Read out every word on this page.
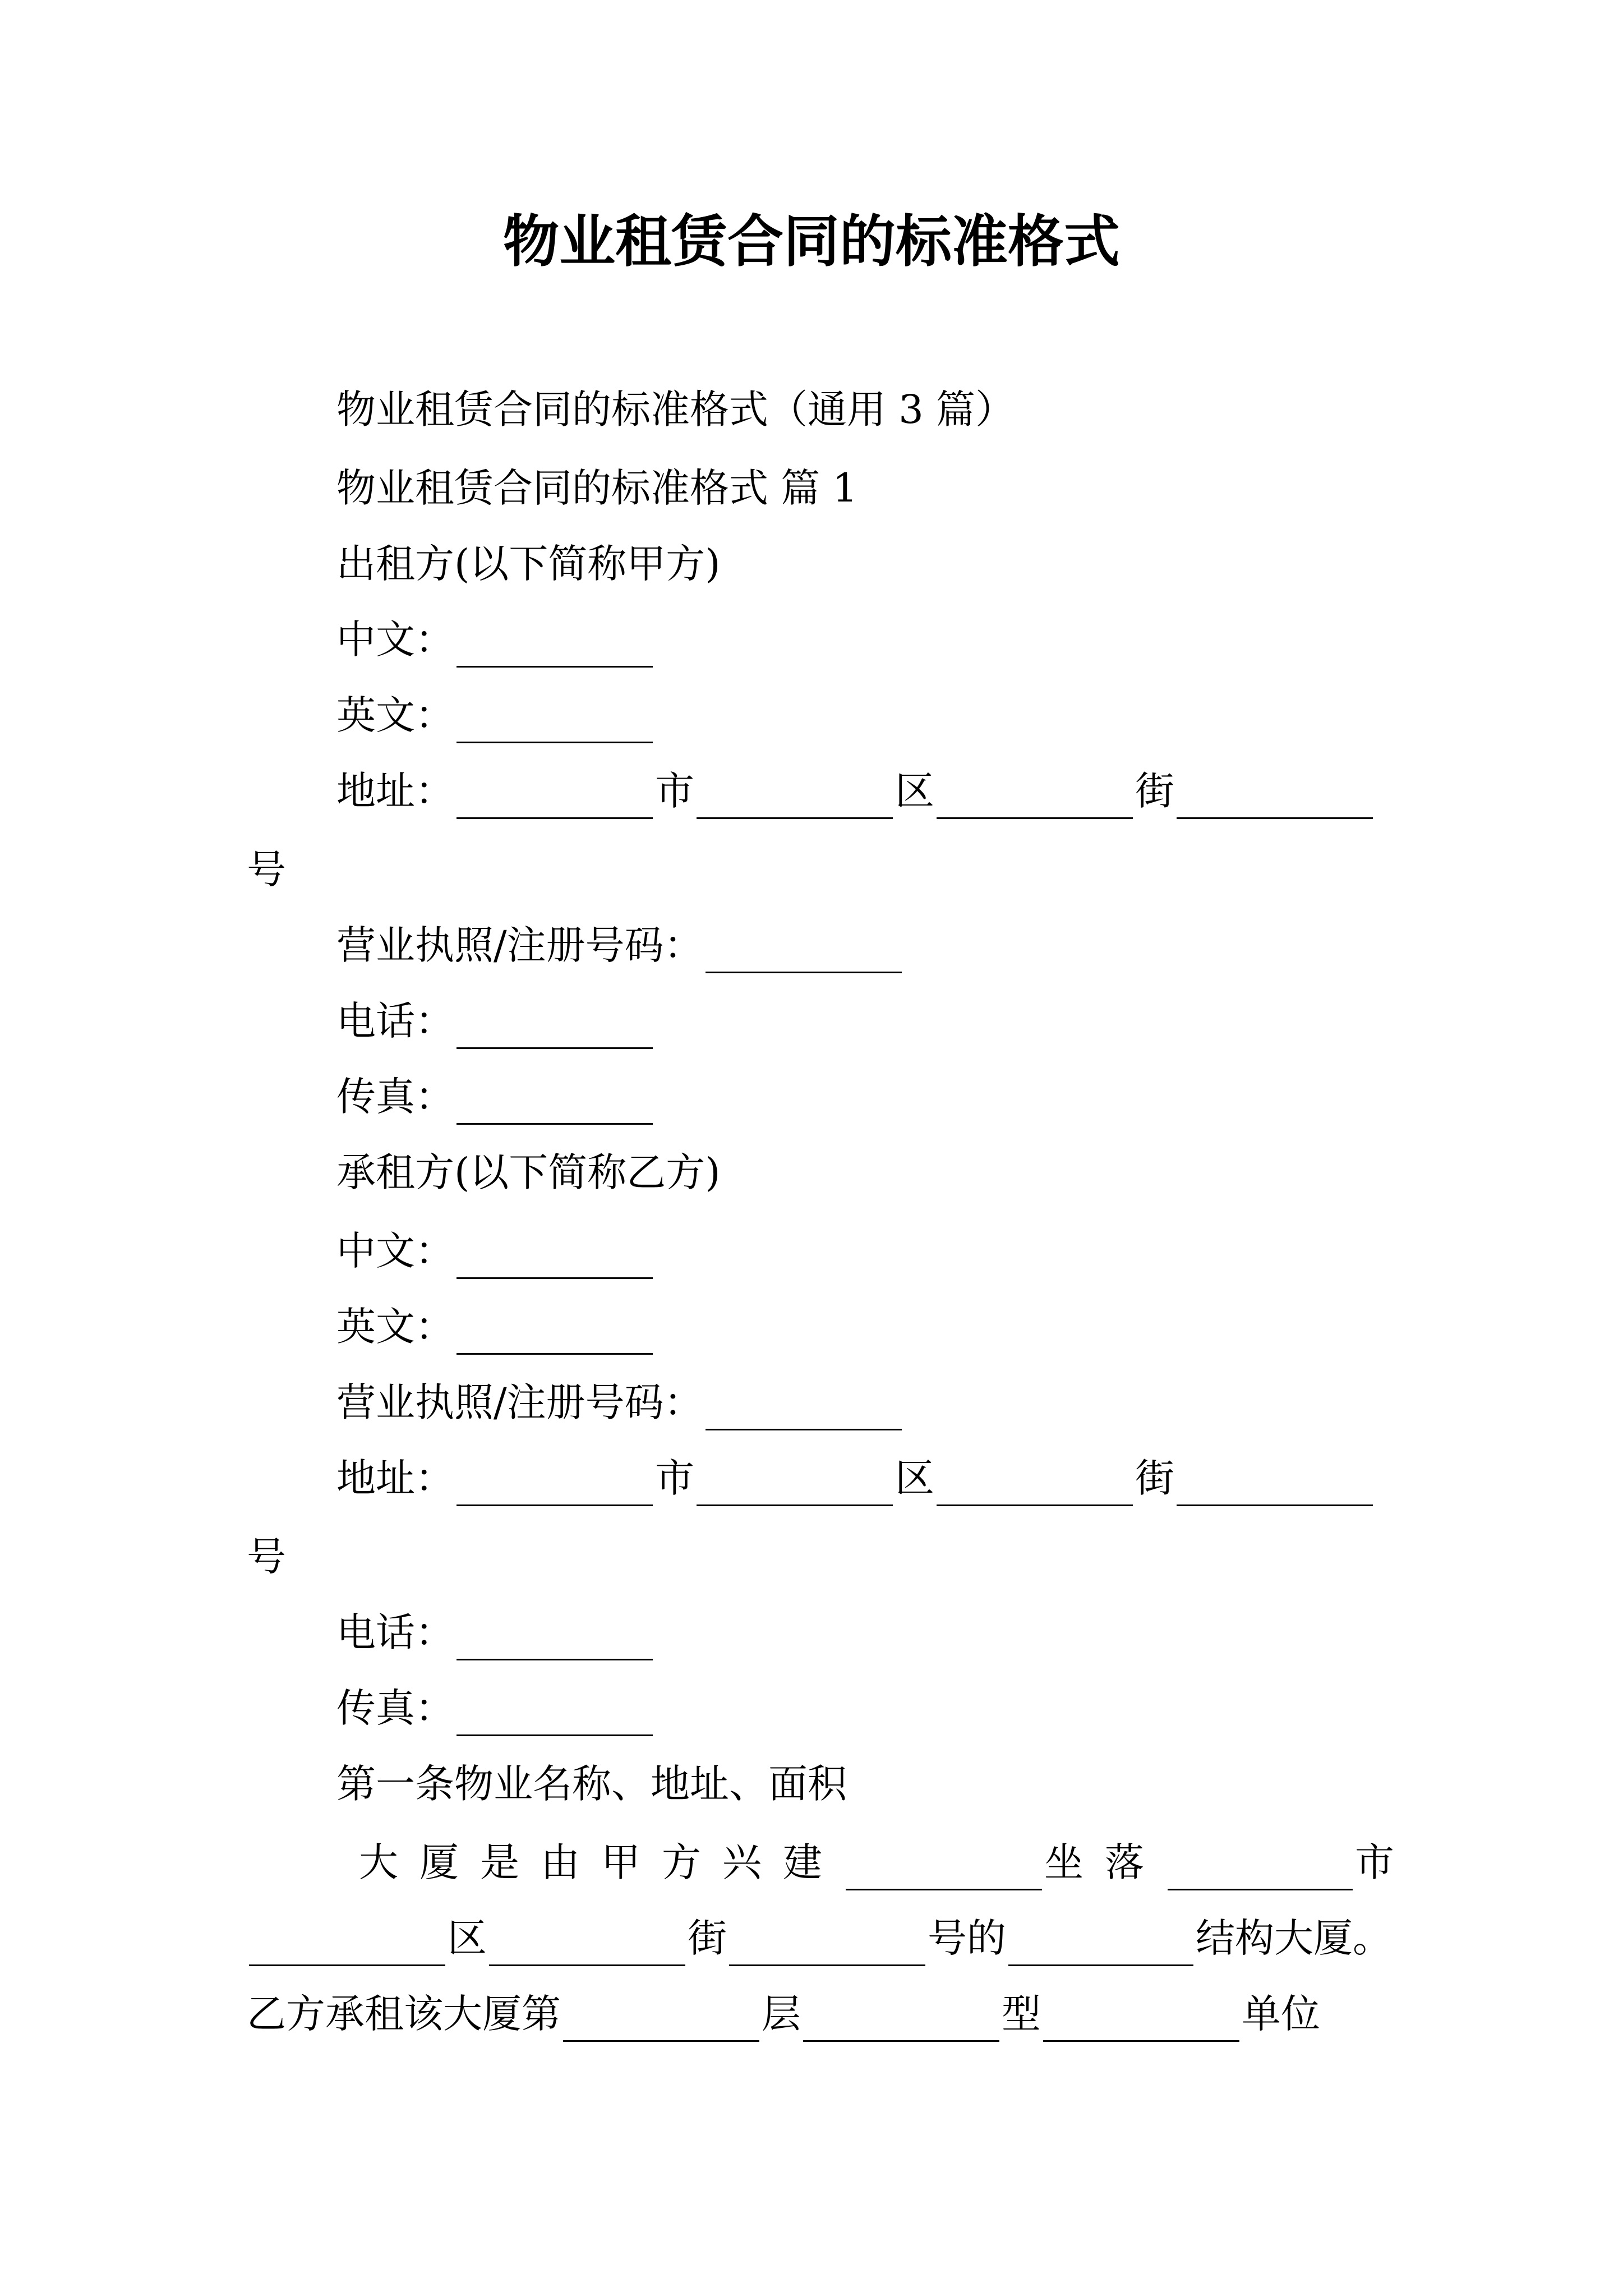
物业租赁合同的标准格式
物业租赁合同的标准格式（通用 3 篇）
物业租赁合同的标准格式 篇 1
出租方(以下简称甲方)
中文：
英文：
地址：	市	区	街
号
营业执照/注册号码：
电话：
传真：
承租方(以下简称乙方)
中文：
英文：
营业执照/注册号码：
地址：	市	区	街
号
电话：
传真：
第一条物业名称、地址、面积
大厦是由甲方兴建	坐落	市
区	街	号的	结构大厦。
乙方承租该大厦第	层	型	单位
